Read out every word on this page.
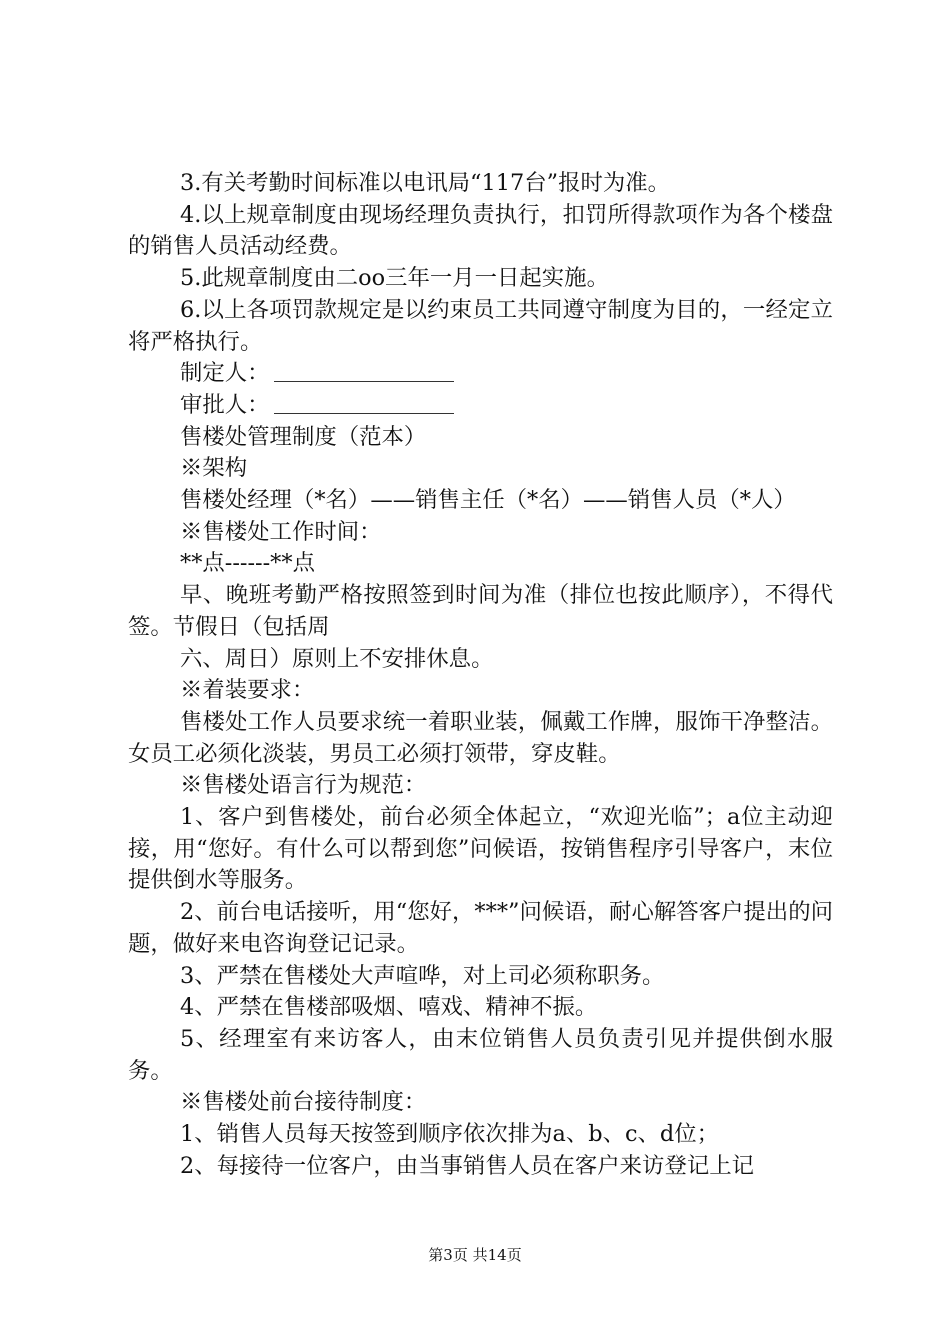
3.有关考勤时间标准以电讯局“117台”报时为准。

4.以上规章制度由现场经理负责执行，扣罚所得款项作为各个楼盘的销售人员活动经费。

5.此规章制度由二oo三年一月一日起实施。

6.以上各项罚款规定是以约束员工共同遵守制度为目的，一经定立将严格执行。

制定人：

审批人：

售楼处管理制度（范本）

※架构

售楼处经理（*名）——销售主任（*名）——销售人员（*人）

※售楼处工作时间：

**点------**点

早、晚班考勤严格按照签到时间为准（排位也按此顺序），不得代签。节假日（包括周

六、周日）原则上不安排休息。

※着装要求：

售楼处工作人员要求统一着职业装，佩戴工作牌，服饰干净整洁。女员工必须化淡装，男员工必须打领带，穿皮鞋。

※售楼处语言行为规范：

1、客户到售楼处，前台必须全体起立，“欢迎光临”；a位主动迎接，用“您好。有什么可以帮到您”问候语，按销售程序引导客户，末位提供倒水等服务。

2、前台电话接听，用“您好，***”问候语，耐心解答客户提出的问题，做好来电咨询登记记录。

3、严禁在售楼处大声喧哗，对上司必须称职务。

4、严禁在售楼部吸烟、嘻戏、精神不振。

5、经理室有来访客人，由末位销售人员负责引见并提供倒水服务。

※售楼处前台接待制度：

1、销售人员每天按签到顺序依次排为a、b、c、d位；

2、每接待一位客户，由当事销售人员在客户来访登记上记

第3页 共14页
